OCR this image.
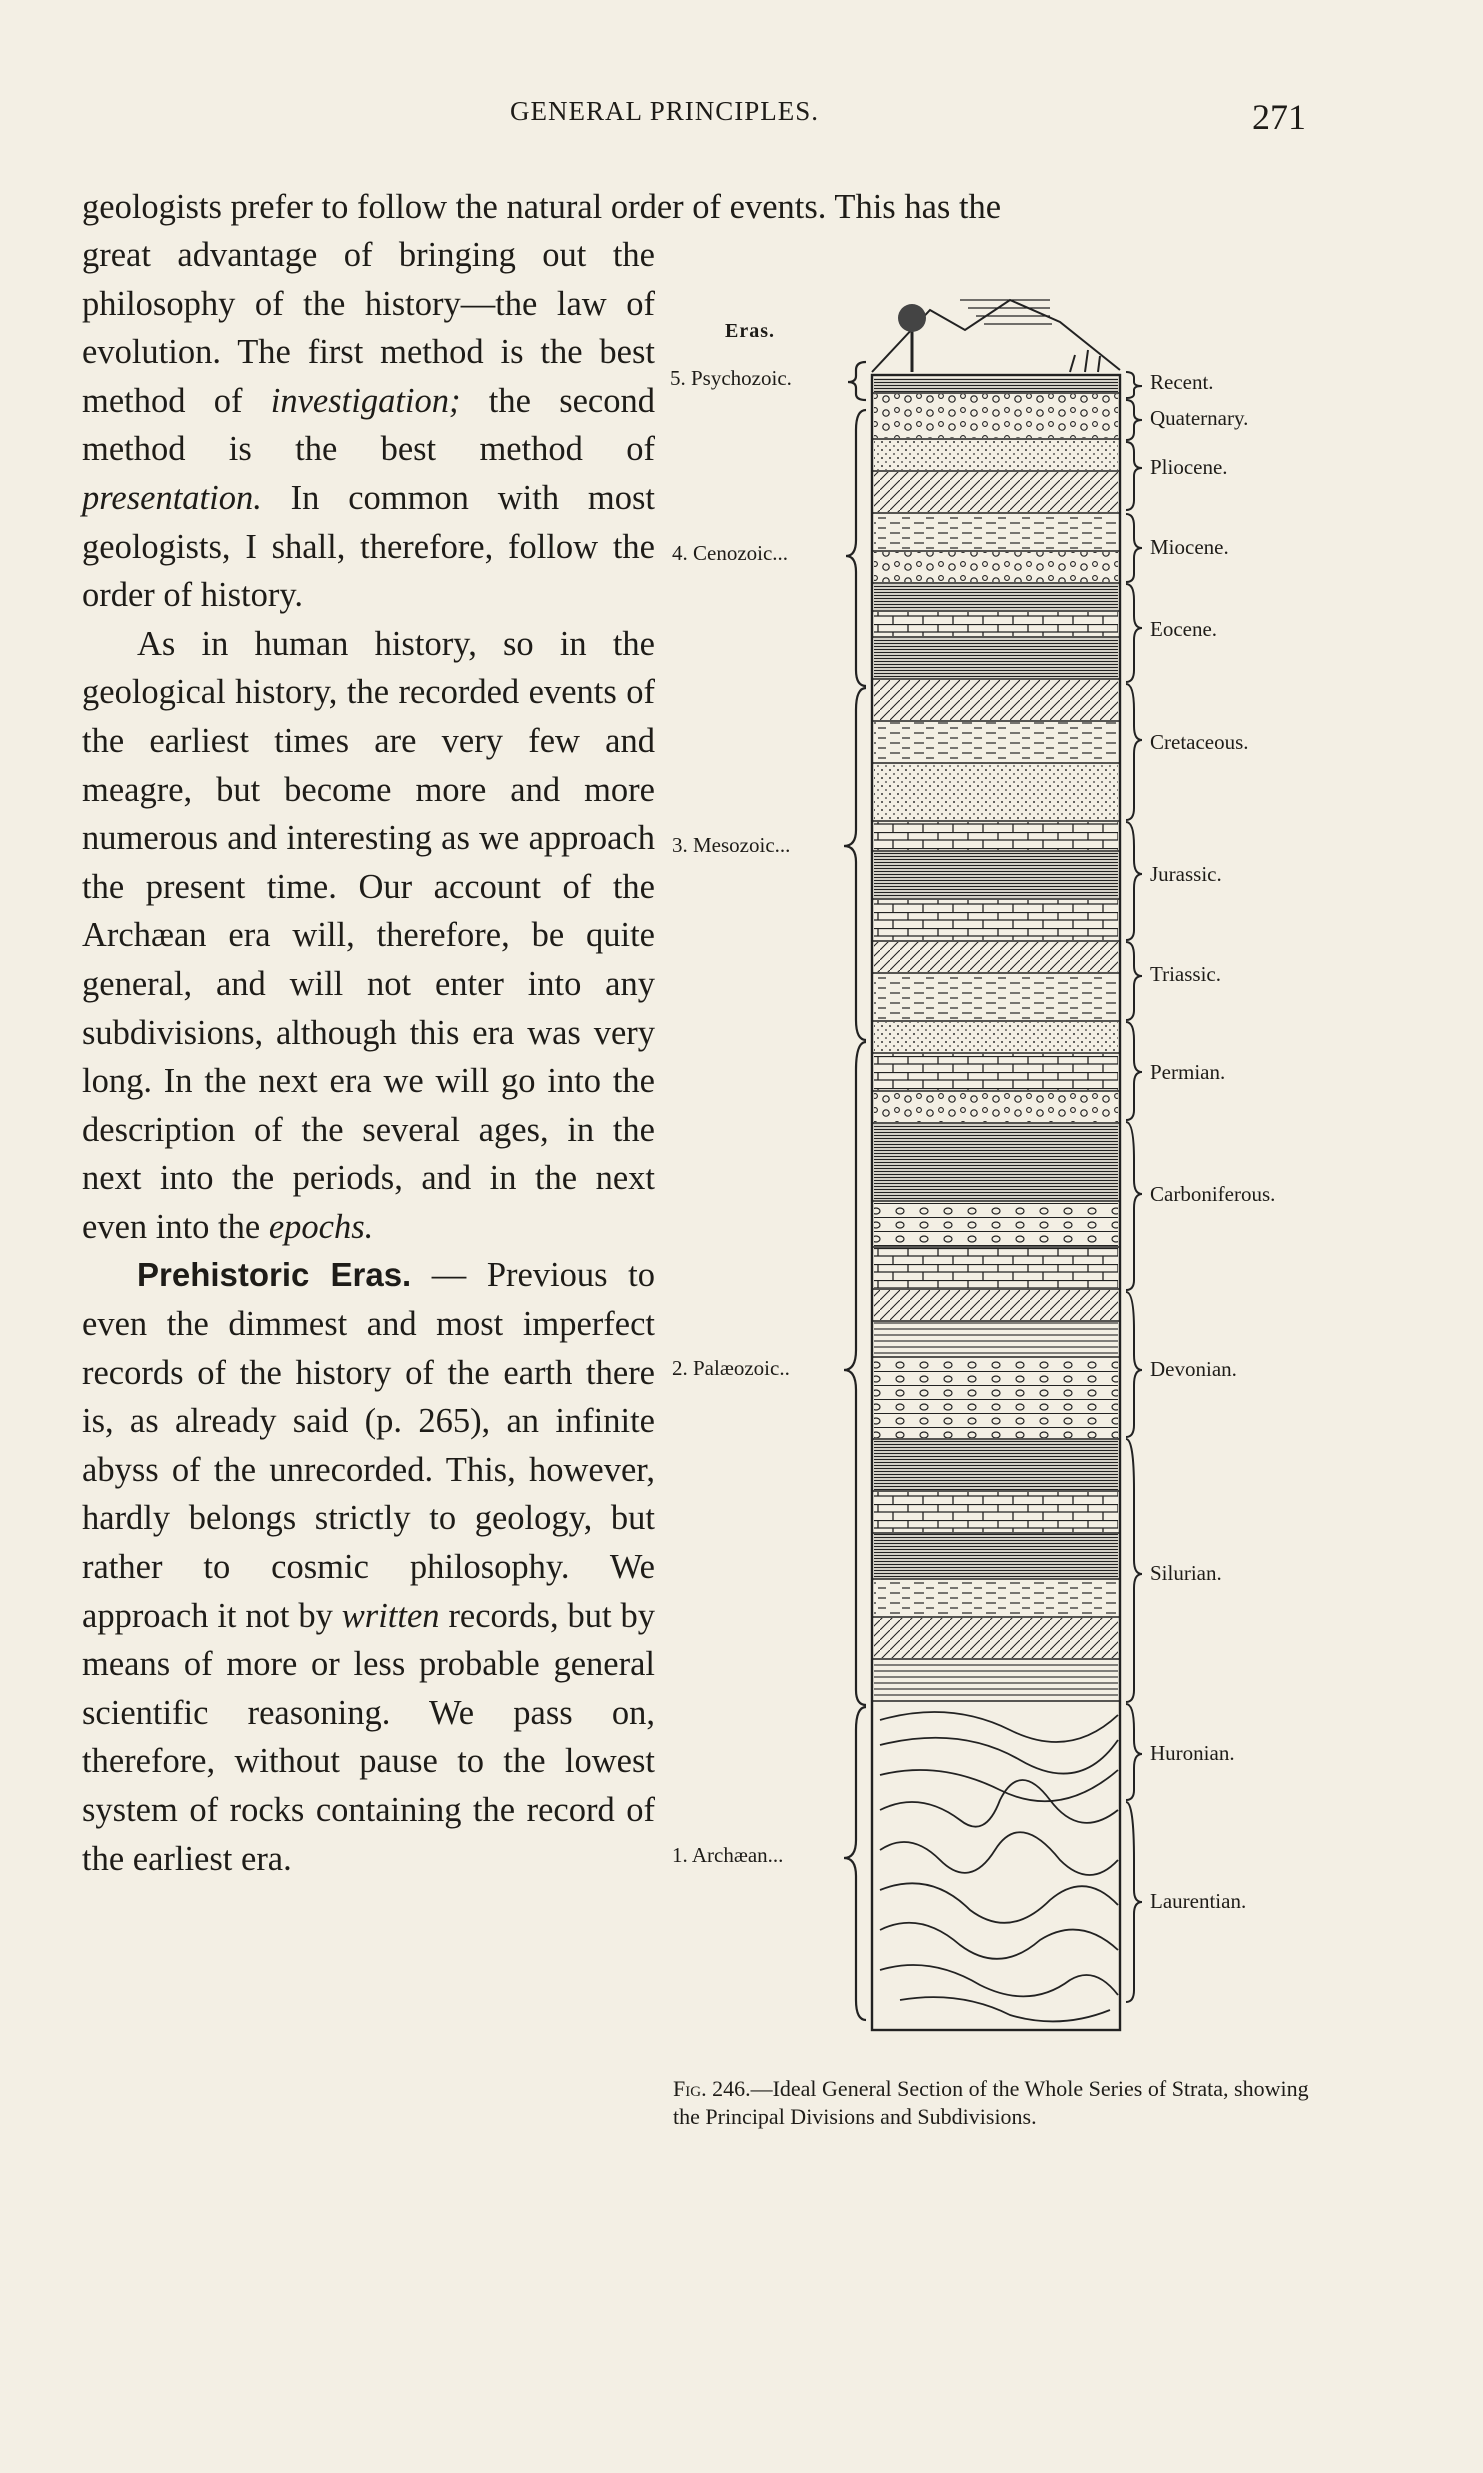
GENERAL PRINCIPLES.	271
geologists prefer to follow the natural order of events. This has the

great advantage of bringing out the philosophy of the history—the law of evolution. The first method is the best method of investigation; the second method is the best method of presentation. In common with most geologists, I shall, therefore, follow the order of history.

As in human history, so in the geological history, the recorded events of the earliest times are very few and meagre, but become more and more numerous and interesting as we approach the present time. Our account of the Archæan era will, therefore, be quite general, and will not enter into any subdivisions, although this era was very long. In the next era we will go into the description of the several ages, in the next into the periods, and in the next even into the epochs.

Prehistoric Eras. — Previous to even the dimmest and most imperfect records of the history of the earth there is, as already said (p. 265), an infinite abyss of the unrecorded. This, however, hardly belongs strictly to geology, but rather to cosmic philosophy. We approach it not by written records, but by means of more or less probable general scientific reasoning. We pass on, therefore, without pause to the lowest system of rocks containing the record of the earliest era.

Eras.
5. Psychozoic.
4. Cenozoic...
3. Mesozoic...
2. Palæozoic..
1. Archæan...
Recent.
Quaternary.
Pliocene.
Miocene.
Eocene.
Cretaceous.
Jurassic.
Triassic.
Permian.
Carboniferous.
Devonian.
Silurian.
Huronian.
Laurentian.
Fig. 246.—Ideal General Section of the Whole Series of Strata, showing the Principal Divisions and Subdivisions.
